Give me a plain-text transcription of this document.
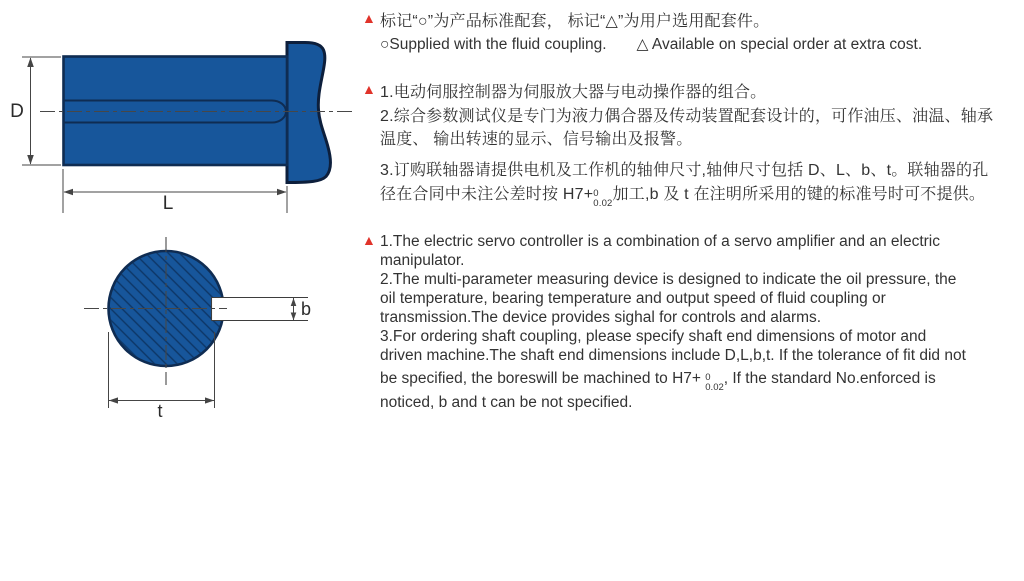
D
L
b
t
▲ 标记“○”为产品标准配套， 标记“△”为用户选用配套件。
○Supplied with the fluid coupling. △ Available on special order at extra cost.
▲ 1.电动伺服控制器为伺服放大器与电动操作器的组合。
2.综合参数测试仪是专门为液力偶合器及传动装置配套设计的，可作油压、油温、轴承
温度、 输出转速的显示、信号输出及报警。
3.订购联轴器请提供电机及工作机的轴伸尺寸,轴伸尺寸包括 D、L、b、t。联轴器的孔
径在合同中未注公差时按 H7+ 0
0.02
加工,b 及 t 在注明所采用的键的标准号时可不提供。
▲ 1.The electric servo controller is a combination of a servo amplifier and an electric
manipulator.
2.The multi-parameter measuring device is designed to indicate the oil pressure, the
oil temperature, bearing temperature and output speed of fluid coupling or
transmission.The device provides sighal for controls and alarms.
3.For ordering shaft coupling, please specify shaft end dimensions of motor and
driven machine.The shaft end dimensions include D,L,b,t. If the tolerance of fit did not
be specified, the boreswill be machined to H7+ 0
0.02
, If the standard No.enforced is
noticed, b and t can be not specified.
